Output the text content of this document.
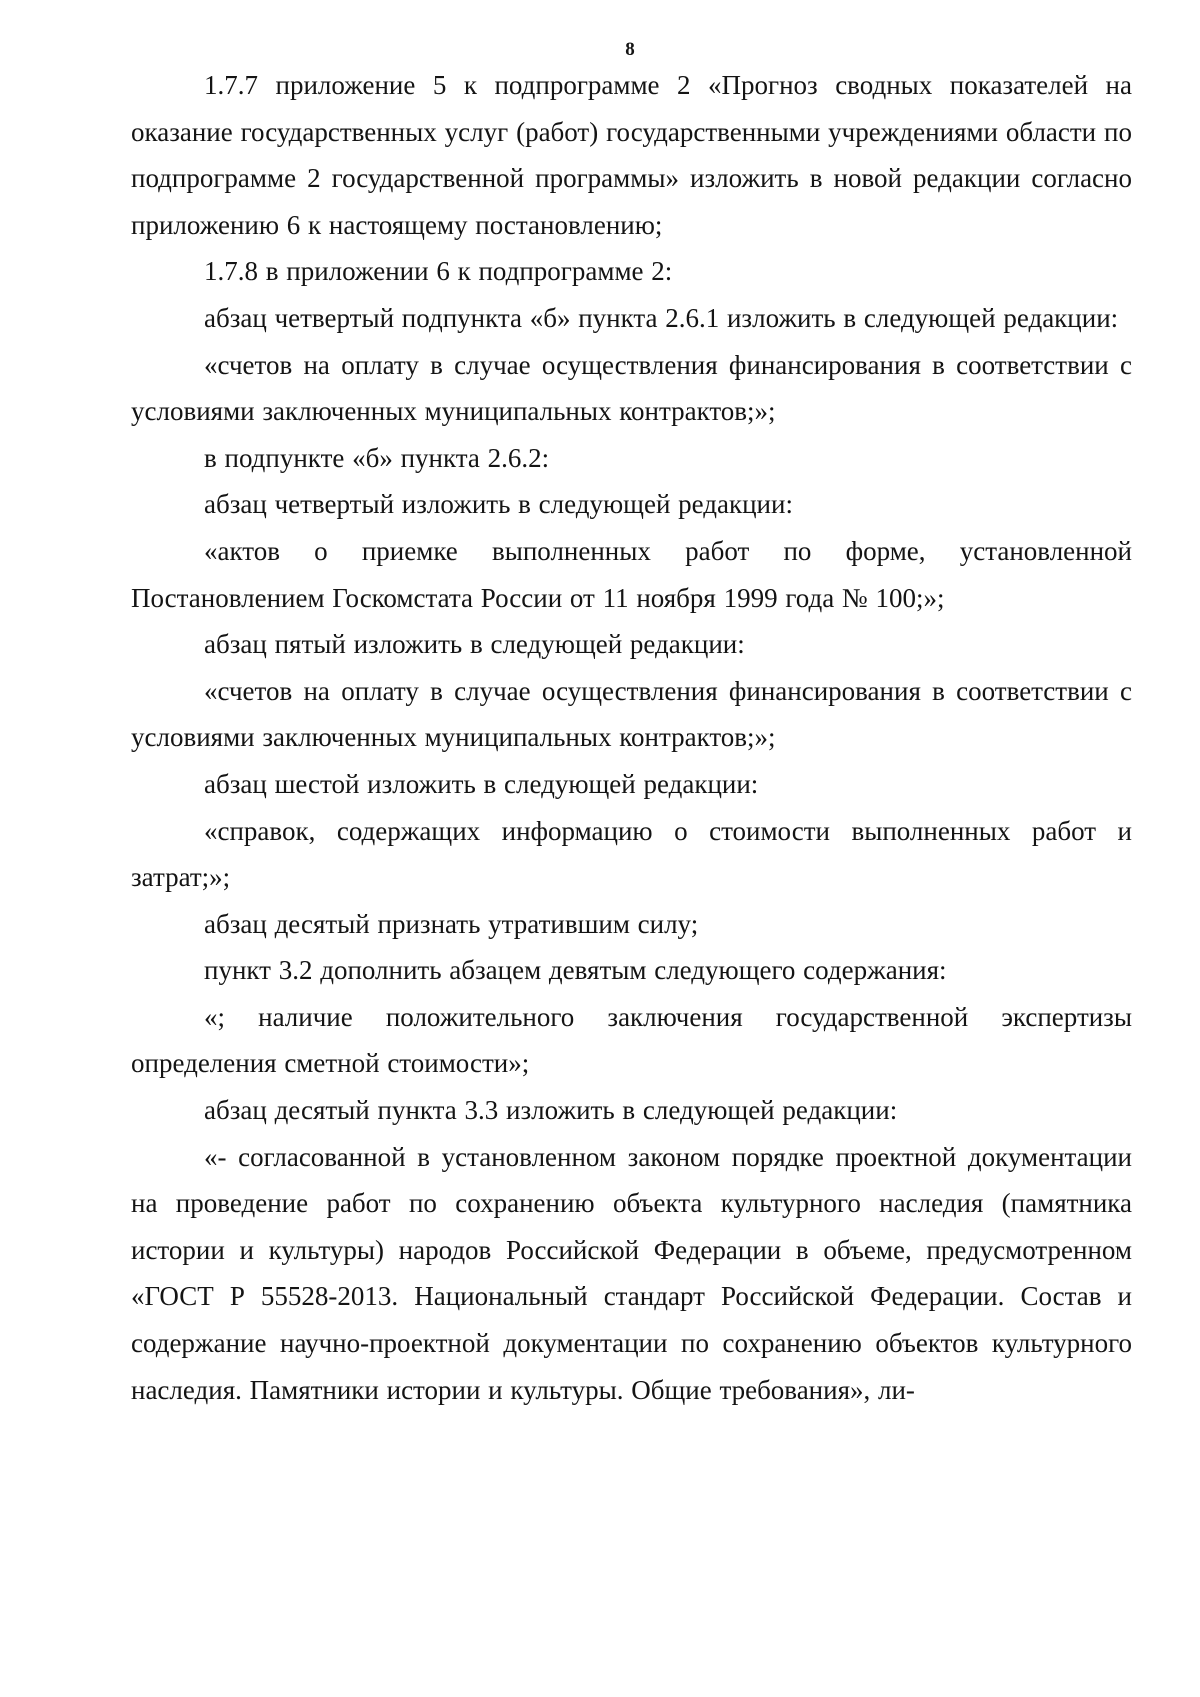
8

1.7.7 приложение 5 к подпрограмме 2 «Прогноз сводных показателей на оказание государственных услуг (работ) государственными учреждениями области по подпрограмме 2 государственной программы» изложить в новой редакции согласно приложению 6 к настоящему постановлению;

1.7.8 в приложении 6 к подпрограмме 2:

абзац четвертый подпункта «б» пункта 2.6.1 изложить в следующей редакции:

«счетов на оплату в случае осуществления финансирования в соответствии с условиями заключенных муниципальных контрактов;»;

в подпункте «б» пункта 2.6.2:

абзац четвертый изложить в следующей редакции:

«актов о приемке выполненных работ по форме, установленной Постановлением Госкомстата России от 11 ноября 1999 года № 100;»;

абзац пятый изложить в следующей редакции:

«счетов на оплату в случае осуществления финансирования в соответствии с условиями заключенных муниципальных контрактов;»;

абзац шестой изложить в следующей редакции:

«справок, содержащих информацию о стоимости выполненных работ и затрат;»;

абзац десятый признать утратившим силу;

пункт 3.2 дополнить абзацем девятым следующего содержания:

«; наличие положительного заключения государственной экспертизы определения сметной стоимости»;

абзац десятый пункта 3.3 изложить в следующей редакции:

«- согласованной в установленном законом порядке проектной документации на проведение работ по сохранению объекта культурного наследия (памятника истории и культуры) народов Российской Федерации в объеме, предусмотренном «ГОСТ Р 55528-2013. Национальный стандарт Российской Федерации. Состав и содержание научно-проектной документации по сохранению объектов культурного наследия. Памятники истории и культуры. Общие требования», ли-
